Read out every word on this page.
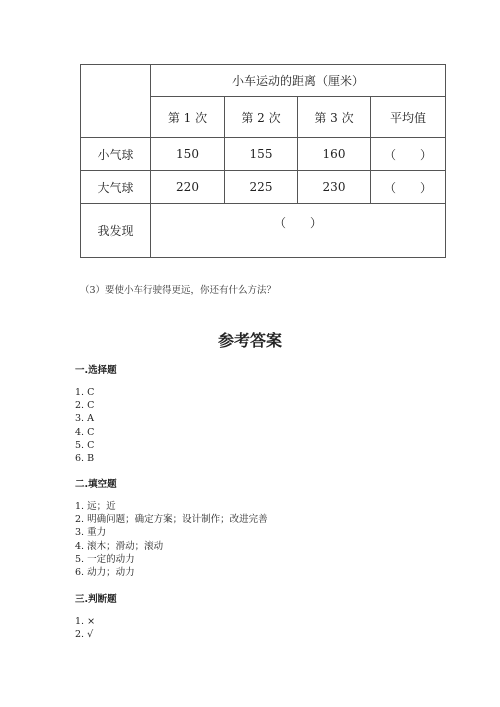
	小车运动的距离（厘米）			
	第 1 次	第 2 次	第 3 次	平均值
小气球	150	155	160	（　　）
大气球	220	225	230	（　　）
我发现	（　　）			
（3）要使小车行驶得更远，你还有什么方法？
参考答案
一.选择题
1. C
2. C
3. A
4. C
5. C
6. B
二.填空题
1. 远；近
2. 明确问题；确定方案；设计制作；改进完善
3. 重力
4. 滚木；滑动；滚动
5. 一定的动力
6. 动力；动力
三.判断题
1. ×
2. √
